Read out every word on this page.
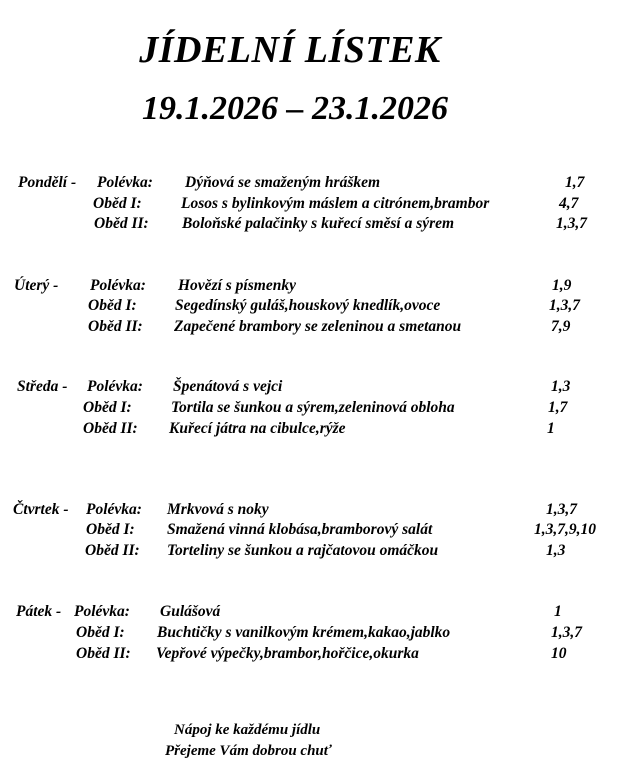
JÍDELNÍ LÍSTEK
19.1.2026 – 23.1.2026
Pondělí - Polévka: Dýňová se smaženým hráškem	1,7
Oběd I:	Losos s bylinkovým máslem a citrónem,brambor	4,7
Oběd II: Boloňské palačinky s kuřecí směsí a sýrem	1,3,7
Úterý - Polévka: Hovězí s písmenky	1,9
Oběd I: Segedínský guláš,houskový knedlík,ovoce	1,3,7
Oběd II: Zapečené brambory se zeleninou a smetanou	7,9
Středa - Polévka: Špenátová s vejci	1,3
Oběd I:	Tortila se šunkou a sýrem,zeleninová obloha	1,7
Oběd II: Kuřecí játra na cibulce,rýže	1
Čtvrtek - Polévka: Mrkvová s noky	1,3,7
Oběd I: Smažená vinná klobása,bramborový salát	1,3,7,9,10
Oběd II: Torteliny se šunkou a rajčatovou omáčkou	1,3
Pátek - Polévka: Gulášová	1
Oběd I: Buchtičky s vanilkovým krémem,kakao,jablko	1,3,7
Oběd II: Vepřové výpečky,brambor,hořčice,okurka	10
Nápoj ke každému jídlu
Přejeme Vám dobrou chuť
